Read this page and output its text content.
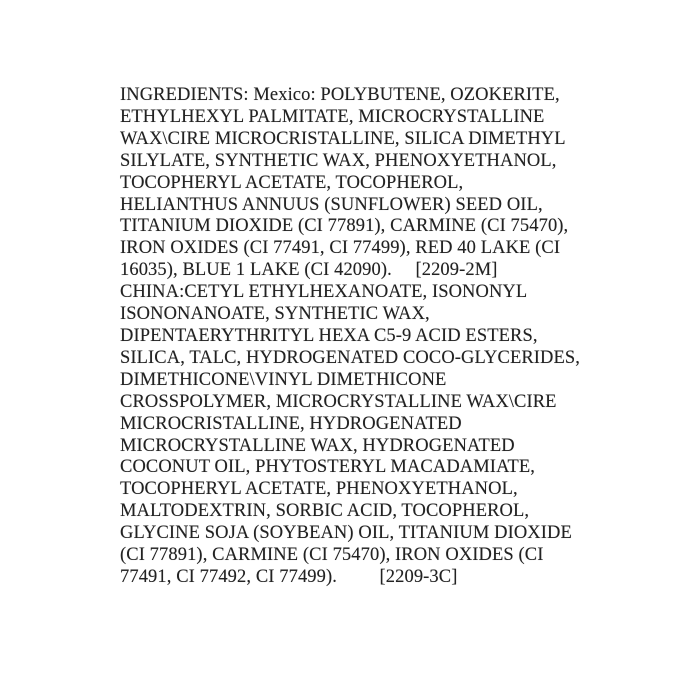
INGREDIENTS: Mexico: POLYBUTENE, OZOKERITE,
ETHYLHEXYL PALMITATE, MICROCRYSTALLINE
WAX\CIRE MICROCRISTALLINE, SILICA DIMETHYL
SILYLATE, SYNTHETIC WAX, PHENOXYETHANOL,
TOCOPHERYL ACETATE, TOCOPHEROL,
HELIANTHUS ANNUUS (SUNFLOWER) SEED OIL,
TITANIUM DIOXIDE (CI 77891), CARMINE (CI 75470),
IRON OXIDES (CI 77491, CI 77499), RED 40 LAKE (CI
16035), BLUE 1 LAKE (CI 42090).     [2209-2M]
CHINA:CETYL ETHYLHEXANOATE, ISONONYL
ISONONANOATE, SYNTHETIC WAX,
DIPENTAERYTHRITYL HEXA C5-9 ACID ESTERS,
SILICA, TALC, HYDROGENATED COCO-GLYCERIDES,
DIMETHICONE\VINYL DIMETHICONE
CROSSPOLYMER, MICROCRYSTALLINE WAX\CIRE
MICROCRISTALLINE, HYDROGENATED
MICROCRYSTALLINE WAX, HYDROGENATED
COCONUT OIL, PHYTOSTERYL MACADAMIATE,
TOCOPHERYL ACETATE, PHENOXYETHANOL,
MALTODEXTRIN, SORBIC ACID, TOCOPHEROL,
GLYCINE SOJA (SOYBEAN) OIL, TITANIUM DIOXIDE
(CI 77891), CARMINE (CI 75470), IRON OXIDES (CI
77491, CI 77492, CI 77499).         [2209-3C]
